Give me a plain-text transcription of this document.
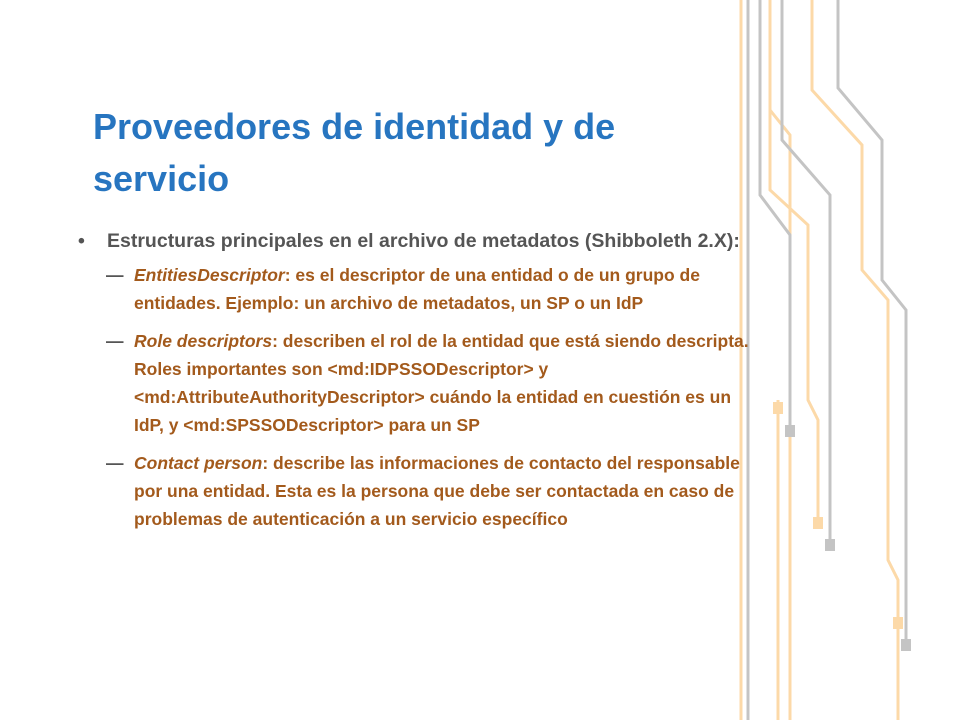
Proveedores de identidad y de servicio

• Estructuras principales en el archivo de metadatos (Shibboleth 2.X):

— EntitiesDescriptor: es el descriptor de una entidad o de un grupo de entidades. Ejemplo: un archivo de metadatos, un SP o un IdP

— Role descriptors: describen el rol de la entidad que está siendo descripta. Roles importantes son <md:IDPSSODescriptor> y <md:AttributeAuthorityDescriptor> cuándo la entidad en cuestión es un IdP, y <md:SPSSODescriptor> para un SP

— Contact person: describe las informaciones de contacto del responsable por una entidad. Esta es la persona que debe ser contactada en caso de problemas de autenticación a un servicio específico
